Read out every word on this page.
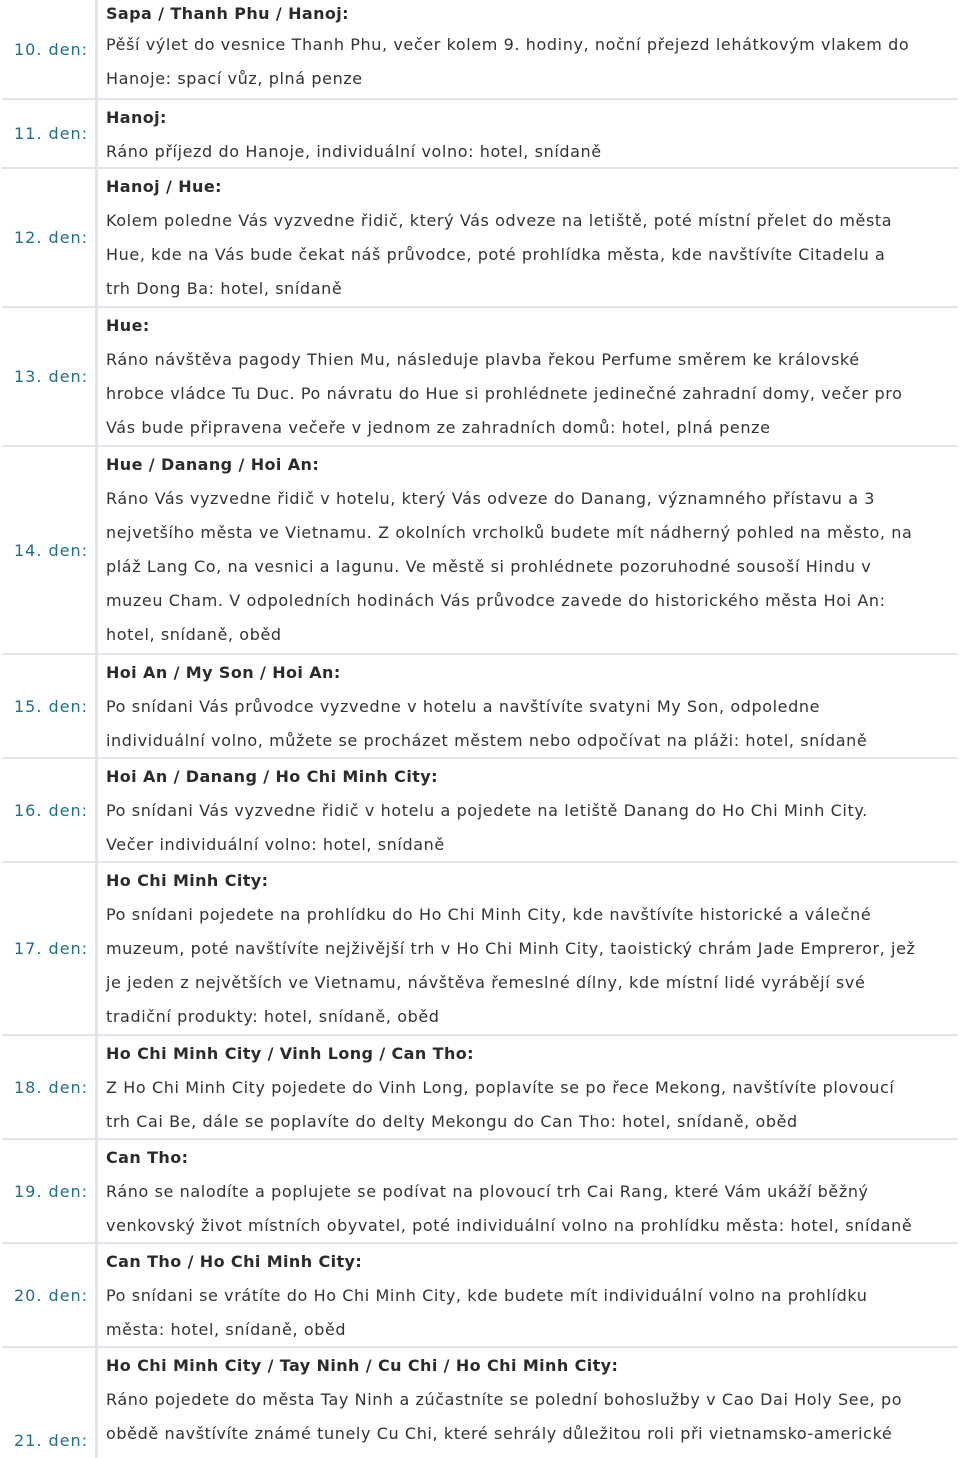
10. den:
Sapa / Thanh Phu / Hanoj:
Pěší výlet do vesnice Thanh Phu, večer kolem 9. hodiny, noční přejezd lehátkovým vlakem do
Hanoje: spací vůz, plná penze
11. den:
Hanoj:
Ráno příjezd do Hanoje, individuální volno: hotel, snídaně
12. den:
Hanoj / Hue:
Kolem poledne Vás vyzvedne řidič, který Vás odveze na letiště, poté místní přelet do města
Hue, kde na Vás bude čekat náš průvodce, poté prohlídka města, kde navštívíte Citadelu a
trh Dong Ba: hotel, snídaně
13. den:
Hue:
Ráno návštěva pagody Thien Mu, následuje plavba řekou Perfume směrem ke královské
hrobce vládce Tu Duc. Po návratu do Hue si prohlédnete jedinečné zahradní domy, večer pro
Vás bude připravena večeře v jednom ze zahradních domů: hotel, plná penze
14. den:
Hue / Danang / Hoi An:
Ráno Vás vyzvedne řidič v hotelu, který Vás odveze do Danang, významného přístavu a 3
nejvetšího města ve Vietnamu. Z okolních vrcholků budete mít nádherný pohled na město, na
pláž Lang Co, na vesnici a lagunu. Ve městě si prohlédnete pozoruhodné sousoší Hindu v
muzeu Cham. V odpoledních hodinách Vás průvodce zavede do historického města Hoi An:
hotel, snídaně, oběd
15. den:
Hoi An / My Son / Hoi An:
Po snídani Vás průvodce vyzvedne v hotelu a navštívíte svatyni My Son, odpoledne
individuální volno, můžete se procházet městem nebo odpočívat na pláži: hotel, snídaně
16. den:
Hoi An / Danang / Ho Chi Minh City:
Po snídani Vás vyzvedne řidič v hotelu a pojedete na letiště Danang do Ho Chi Minh City.
Večer individuální volno: hotel, snídaně
17. den:
Ho Chi Minh City:
Po snídani pojedete na prohlídku do Ho Chi Minh City, kde navštívíte historické a válečné
muzeum, poté navštívíte nejživější trh v Ho Chi Minh City, taoistický chrám Jade Empreror, jež
je jeden z největších ve Vietnamu, návštěva řemeslné dílny, kde místní lidé vyrábějí své
tradiční produkty: hotel, snídaně, oběd
18. den:
Ho Chi Minh City / Vinh Long / Can Tho:
Z Ho Chi Minh City pojedete do Vinh Long, poplavíte se po řece Mekong, navštívíte plovoucí
trh Cai Be, dále se poplavíte do delty Mekongu do Can Tho: hotel, snídaně, oběd
19. den:
Can Tho:
Ráno se nalodíte a poplujete se podívat na plovoucí trh Cai Rang, které Vám ukáží běžný
venkovský život místních obyvatel, poté individuální volno na prohlídku města: hotel, snídaně
20. den:
Can Tho / Ho Chi Minh City:
Po snídani se vrátíte do Ho Chi Minh City, kde budete mít individuální volno na prohlídku
města: hotel, snídaně, oběd
21. den:
Ho Chi Minh City / Tay Ninh / Cu Chi / Ho Chi Minh City:
Ráno pojedete do města Tay Ninh a zúčastníte se polední bohoslužby v Cao Dai Holy See, po
obědě navštívíte známé tunely Cu Chi, které sehrály důležitou roli při vietnamsko-americké
